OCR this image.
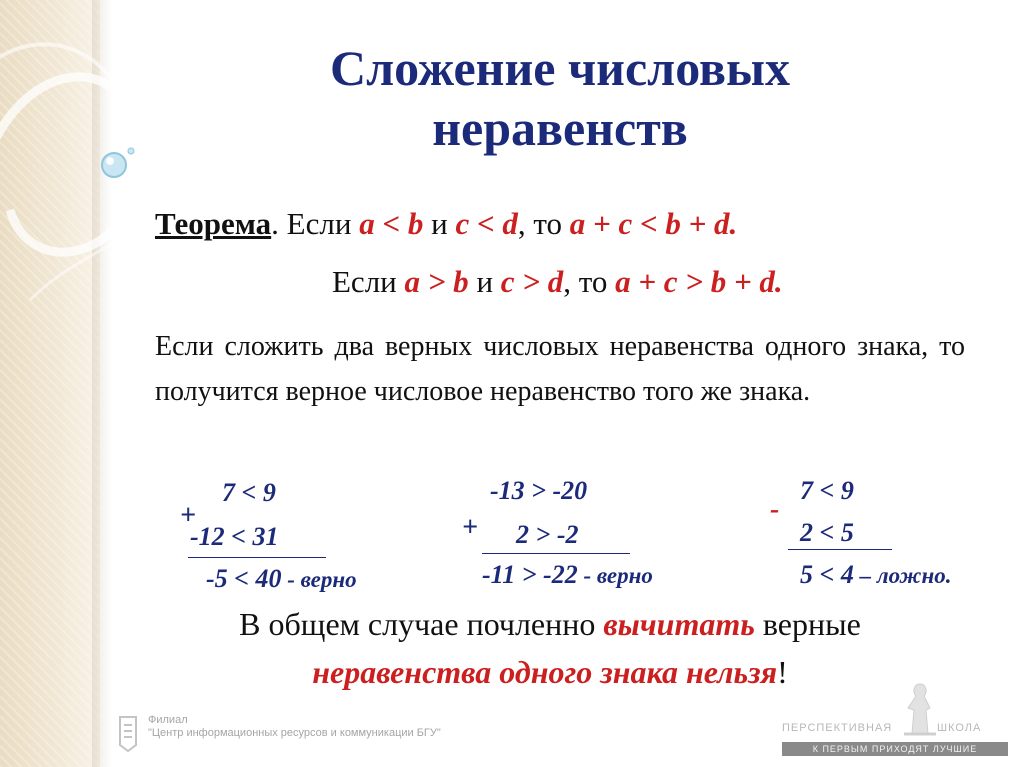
Сложение числовых
неравенств
Теорема. Если a < b и c < d, то a + c < b + d.
Если a > b и c > d, то a + c > b + d.
Если сложить два верных числовых неравенства одного знака, то получится верное числовое неравенство того же знака.
+
7 < 9
-12 < 31
-5 < 40 - верно
+
-13 > -20
2 > -2
-11 > -22 - верно
-
7 < 9
2 < 5
5 < 4 – ложно.
В общем случае почленно вычитать верные
неравенства одного знака нельзя!
Филиал
"Центр информационных ресурсов и коммуникации БГУ"	ПЕРСПЕКТИВНАЯ	ШКОЛА
К ПЕРВЫМ ПРИХОДЯТ ЛУЧШИЕ
